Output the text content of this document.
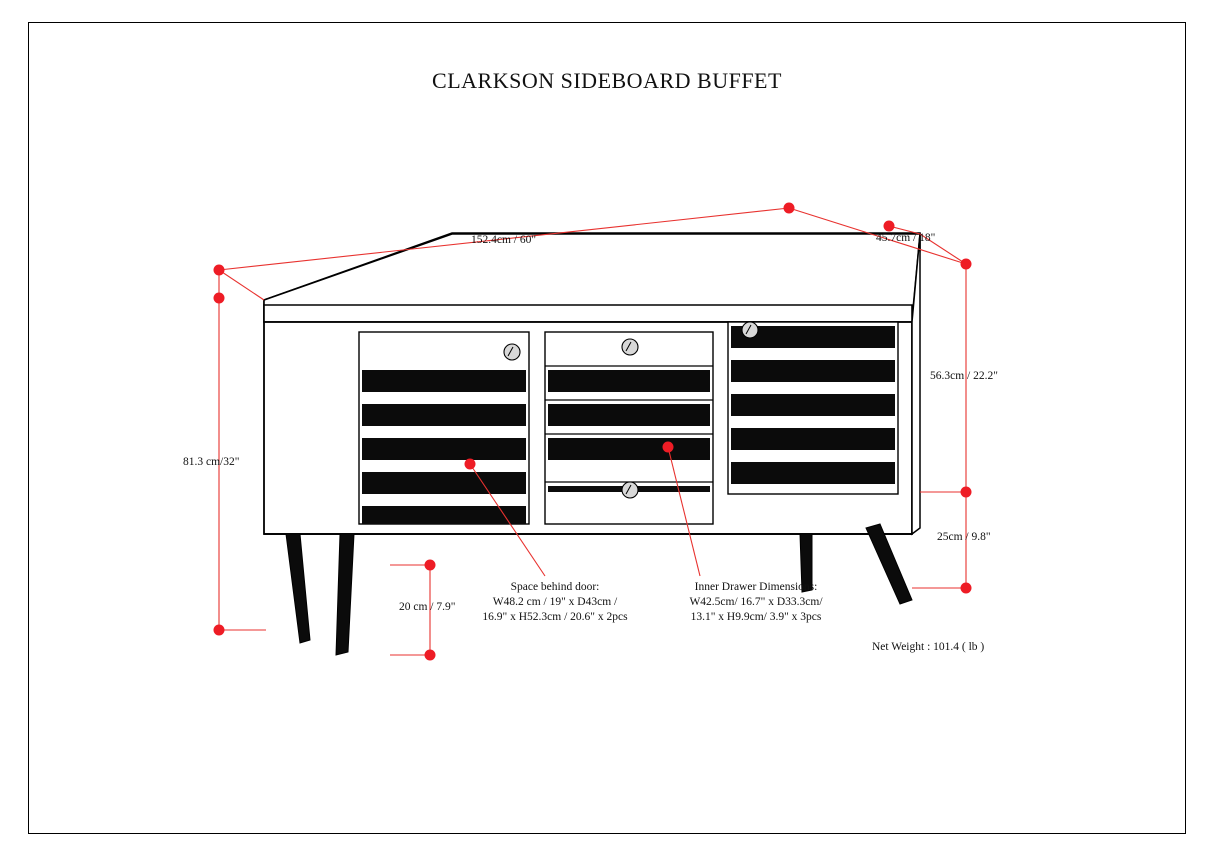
CLARKSON SIDEBOARD BUFFET
152.4cm / 60"	45.7cm / 18"
56.3cm / 22.2"
25cm / 9.8"
81.3 cm/32"
20 cm / 7.9"
Space behind door:
W48.2 cm / 19" x D43cm /
16.9" x H52.3cm / 20.6" x 2pcs
Inner Drawer Dimensions:
W42.5cm/ 16.7" x D33.3cm/
13.1" x H9.9cm/ 3.9" x 3pcs
Net Weight : 101.4 ( lb )
